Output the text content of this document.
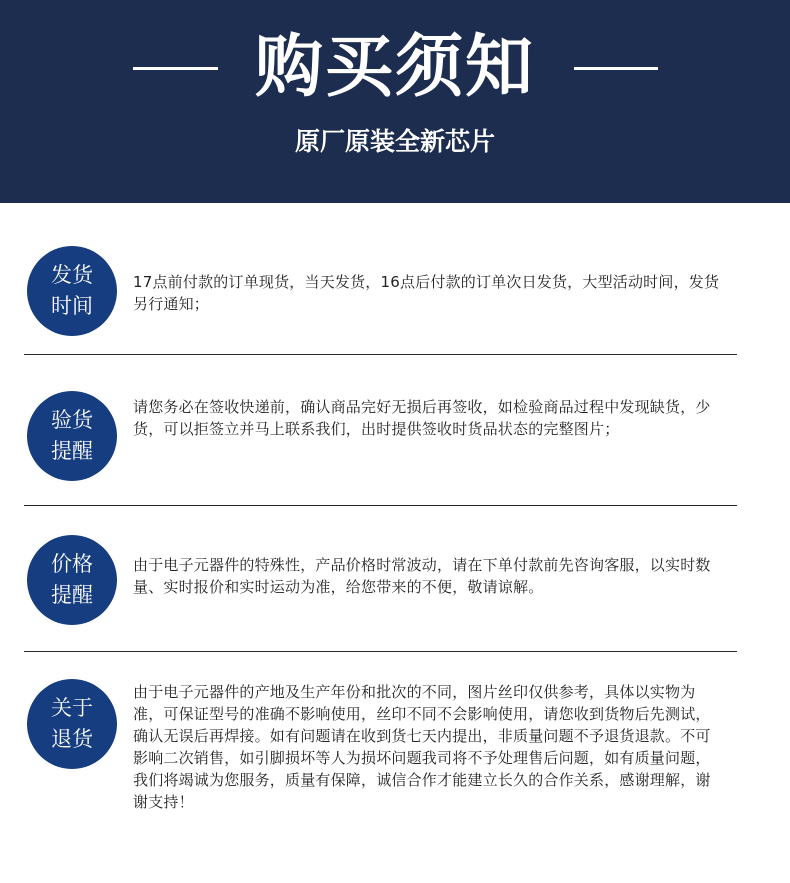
购买须知
原厂原装全新芯片
发货
时间
17点前付款的订单现货，当天发货，16点后付款的订单次日发货，大型活动时间，发货另行通知；
验货
提醒
请您务必在签收快递前，确认商品完好无损后再签收，如检验商品过程中发现缺货，少货，可以拒签立并马上联系我们，出时提供签收时货品状态的完整图片；
价格
提醒
由于电子元器件的特殊性，产品价格时常波动，请在下单付款前先咨询客服，以实时数量、实时报价和实时运动为准，给您带来的不便，敬请谅解。
关于
退货
由于电子元器件的产地及生产年份和批次的不同，图片丝印仅供参考，具体以实物为准，可保证型号的准确不影响使用，丝印不同不会影响使用，请您收到货物后先测试，确认无误后再焊接。如有问题请在收到货七天内提出，非质量问题不予退货退款。不可影响二次销售，如引脚损坏等人为损坏问题我司将不予处理售后问题，如有质量问题，我们将竭诚为您服务，质量有保障，诚信合作才能建立长久的合作关系，感谢理解，谢谢支持！
